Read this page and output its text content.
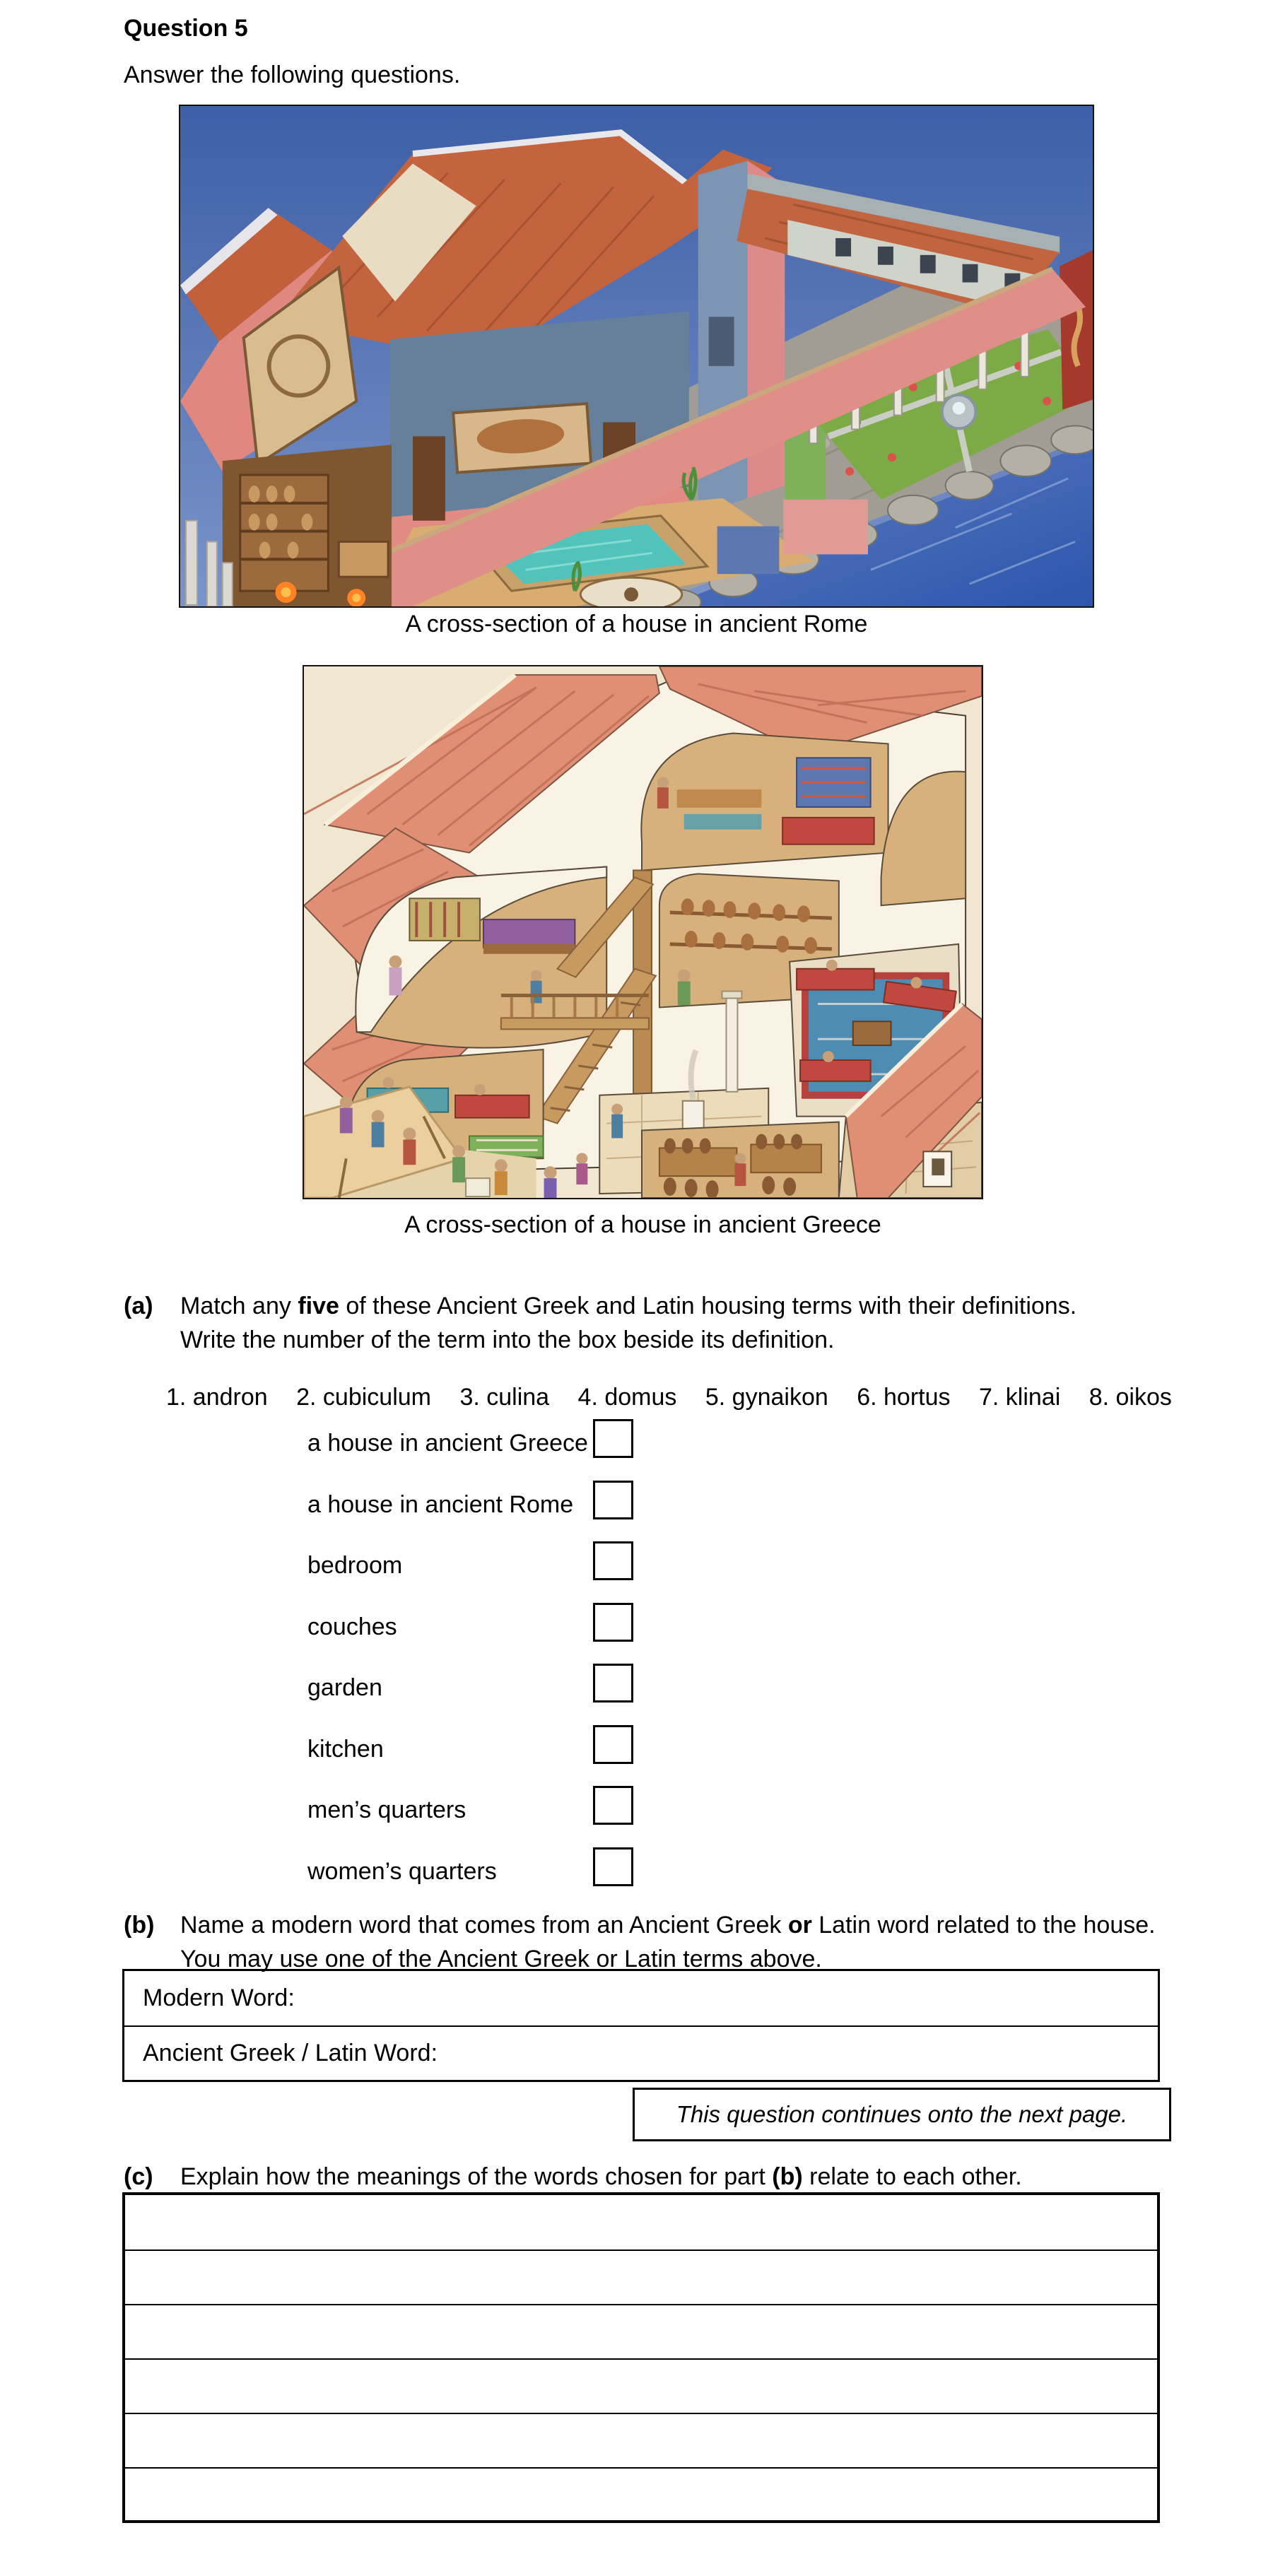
Question 5
Answer the following questions.
A cross-section of a house in ancient Rome
A cross-section of a house in ancient Greece
(a) Match any five of these Ancient Greek and Latin housing terms with their definitions.
Write the number of the term into the box beside its definition.
1. andron 2. cubiculum 3. culina 4. domus 5. gynaikon 6. hortus 7. klinai 8. oikos
a house in ancient Greece
a house in ancient Rome
bedroom
couches
garden
kitchen
men’s quarters
women’s quarters
(b) Name a modern word that comes from an Ancient Greek or Latin word related to the house.
You may use one of the Ancient Greek or Latin terms above.
Modern Word:
Ancient Greek / Latin Word:
This question continues onto the next page.
(c) Explain how the meanings of the words chosen for part (b) relate to each other.
